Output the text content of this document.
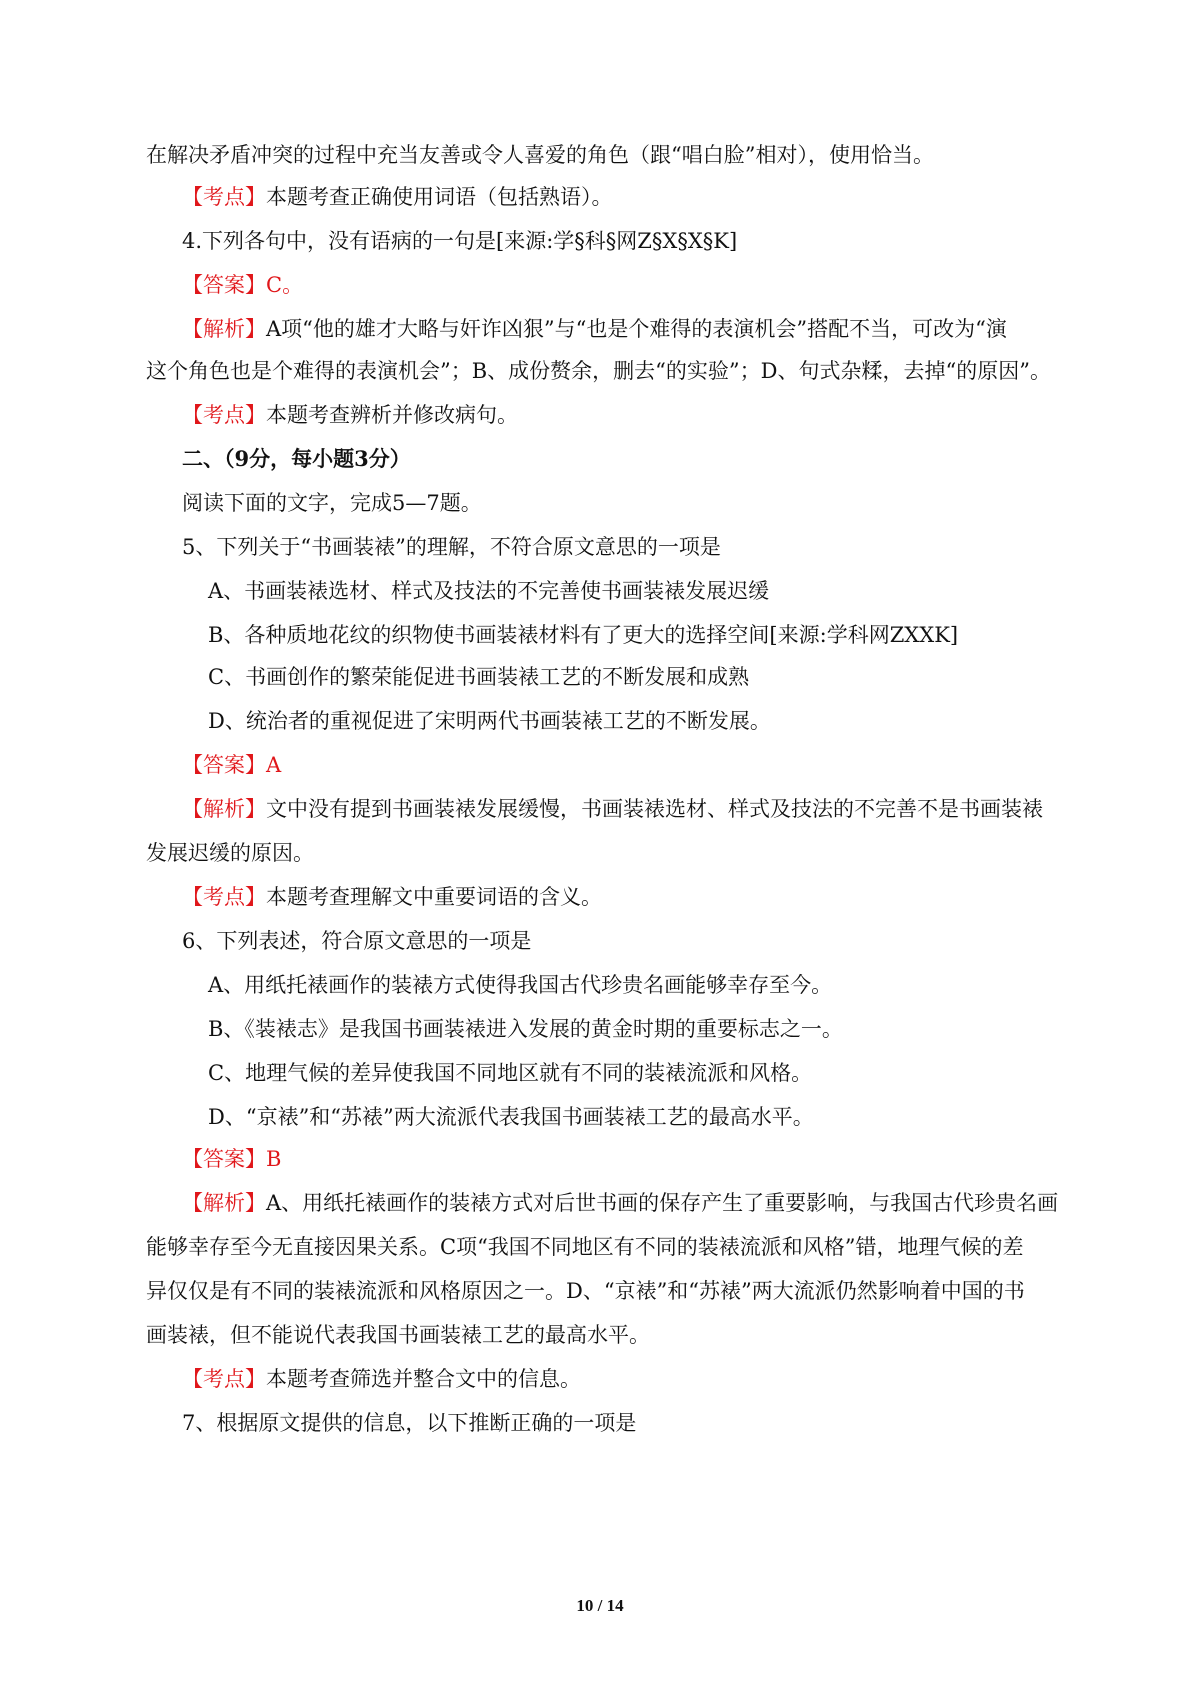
在解决矛盾冲突的过程中充当友善或令人喜爱的角色（跟“唱白脸”相对），使用恰当。
【考点】本题考查正确使用词语（包括熟语）。
4.下列各句中，没有语病的一句是[来源:学§科§网Z§X§X§K]
【答案】C。
【解析】A项“他的雄才大略与奸诈凶狠”与“也是个难得的表演机会”搭配不当，可改为“演
这个角色也是个难得的表演机会”；B、成份赘余，删去“的实验”；D、句式杂糅，去掉“的原因”。
【考点】本题考查辨析并修改病句。
二、（9分，每小题3分）
阅读下面的文字，完成5—7题。
5、下列关于“书画装裱”的理解，不符合原文意思的一项是
A、书画装裱选材、样式及技法的不完善使书画装裱发展迟缓
B、各种质地花纹的织物使书画装裱材料有了更大的选择空间[来源:学科网ZXXK]
C、书画创作的繁荣能促进书画装裱工艺的不断发展和成熟
D、统治者的重视促进了宋明两代书画装裱工艺的不断发展。
【答案】A
【解析】文中没有提到书画装裱发展缓慢，书画装裱选材、样式及技法的不完善不是书画装裱
发展迟缓的原因。
【考点】本题考查理解文中重要词语的含义。
6、下列表述，符合原文意思的一项是
A、用纸托裱画作的装裱方式使得我国古代珍贵名画能够幸存至今。
B、《装裱志》是我国书画装裱进入发展的黄金时期的重要标志之一。
C、地理气候的差异使我国不同地区就有不同的装裱流派和风格。
D、“京裱”和“苏裱”两大流派代表我国书画装裱工艺的最高水平。
【答案】B
【解析】A、用纸托裱画作的装裱方式对后世书画的保存产生了重要影响，与我国古代珍贵名画
能够幸存至今无直接因果关系。C项“我国不同地区有不同的装裱流派和风格”错，地理气候的差
异仅仅是有不同的装裱流派和风格原因之一。D、“京裱”和“苏裱”两大流派仍然影响着中国的书
画装裱，但不能说代表我国书画装裱工艺的最高水平。
【考点】本题考查筛选并整合文中的信息。
7、根据原文提供的信息，以下推断正确的一项是
10 / 14
